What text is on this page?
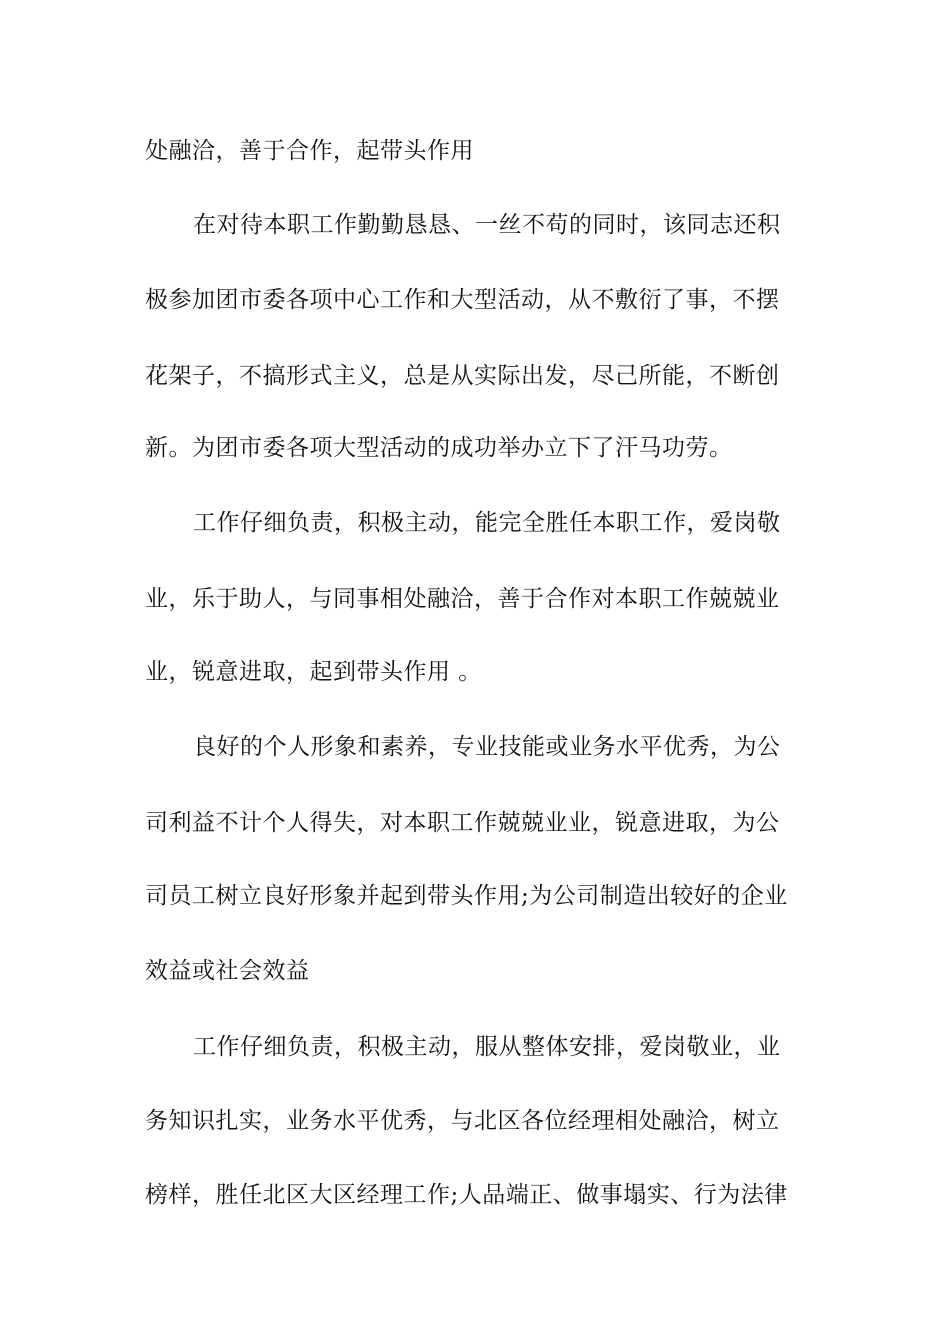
处融洽，善于合作，起带头作用
在对待本职工作勤勤恳恳、一丝不苟的同时，该同志还积
极参加团市委各项中心工作和大型活动，从不敷衍了事，不摆
花架子，不搞形式主义，总是从实际出发，尽己所能，不断创
新。为团市委各项大型活动的成功举办立下了汗马功劳。
工作仔细负责，积极主动，能完全胜任本职工作，爱岗敬
业，乐于助人，与同事相处融洽，善于合作对本职工作兢兢业
业，锐意进取，起到带头作用 。
良好的个人形象和素养，专业技能或业务水平优秀，为公
司利益不计个人得失，对本职工作兢兢业业，锐意进取，为公
司员工树立良好形象并起到带头作用;为公司制造出较好的企业
效益或社会效益
工作仔细负责，积极主动，服从整体安排，爱岗敬业，业
务知识扎实，业务水平优秀，与北区各位经理相处融洽，树立
榜样，胜任北区大区经理工作;人品端正、做事塌实、行为法律
